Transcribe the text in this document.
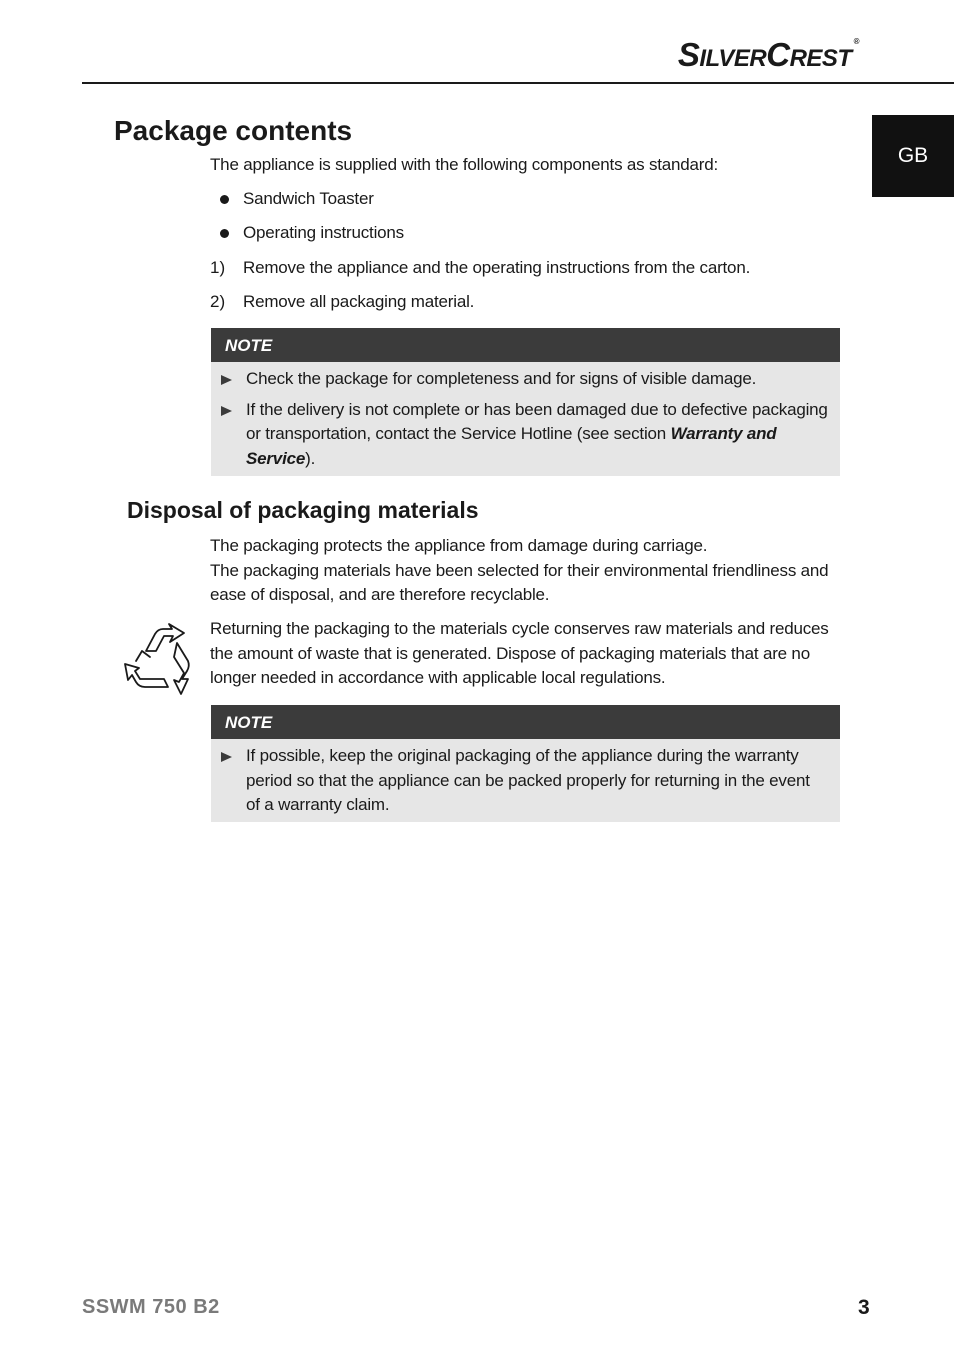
SILVERCREST®
GB
Package contents

The appliance is supplied with the following components as standard:

Sandwich Toaster
Operating instructions
1) Remove the appliance and the operating instructions from the carton.
2) Remove all packaging material.
NOTE
Check the package for completeness and for signs of visible damage.
If the delivery is not complete or has been damaged due to defective packaging or transportation, contact the Service Hotline (see section Warranty and Service).
Disposal of packaging materials

The packaging protects the appliance from damage during carriage.
The packaging materials have been selected for their environmental friendliness and ease of disposal, and are therefore recyclable.

Returning the packaging to the materials cycle conserves raw materials and reduces the amount of waste that is generated. Dispose of packaging materials that are no longer needed in accordance with applicable local regulations.

NOTE
If possible, keep the original packaging of the appliance during the warranty period so that the appliance can be packed properly for returning in the event of a warranty claim.
SSWM 750 B2	3
